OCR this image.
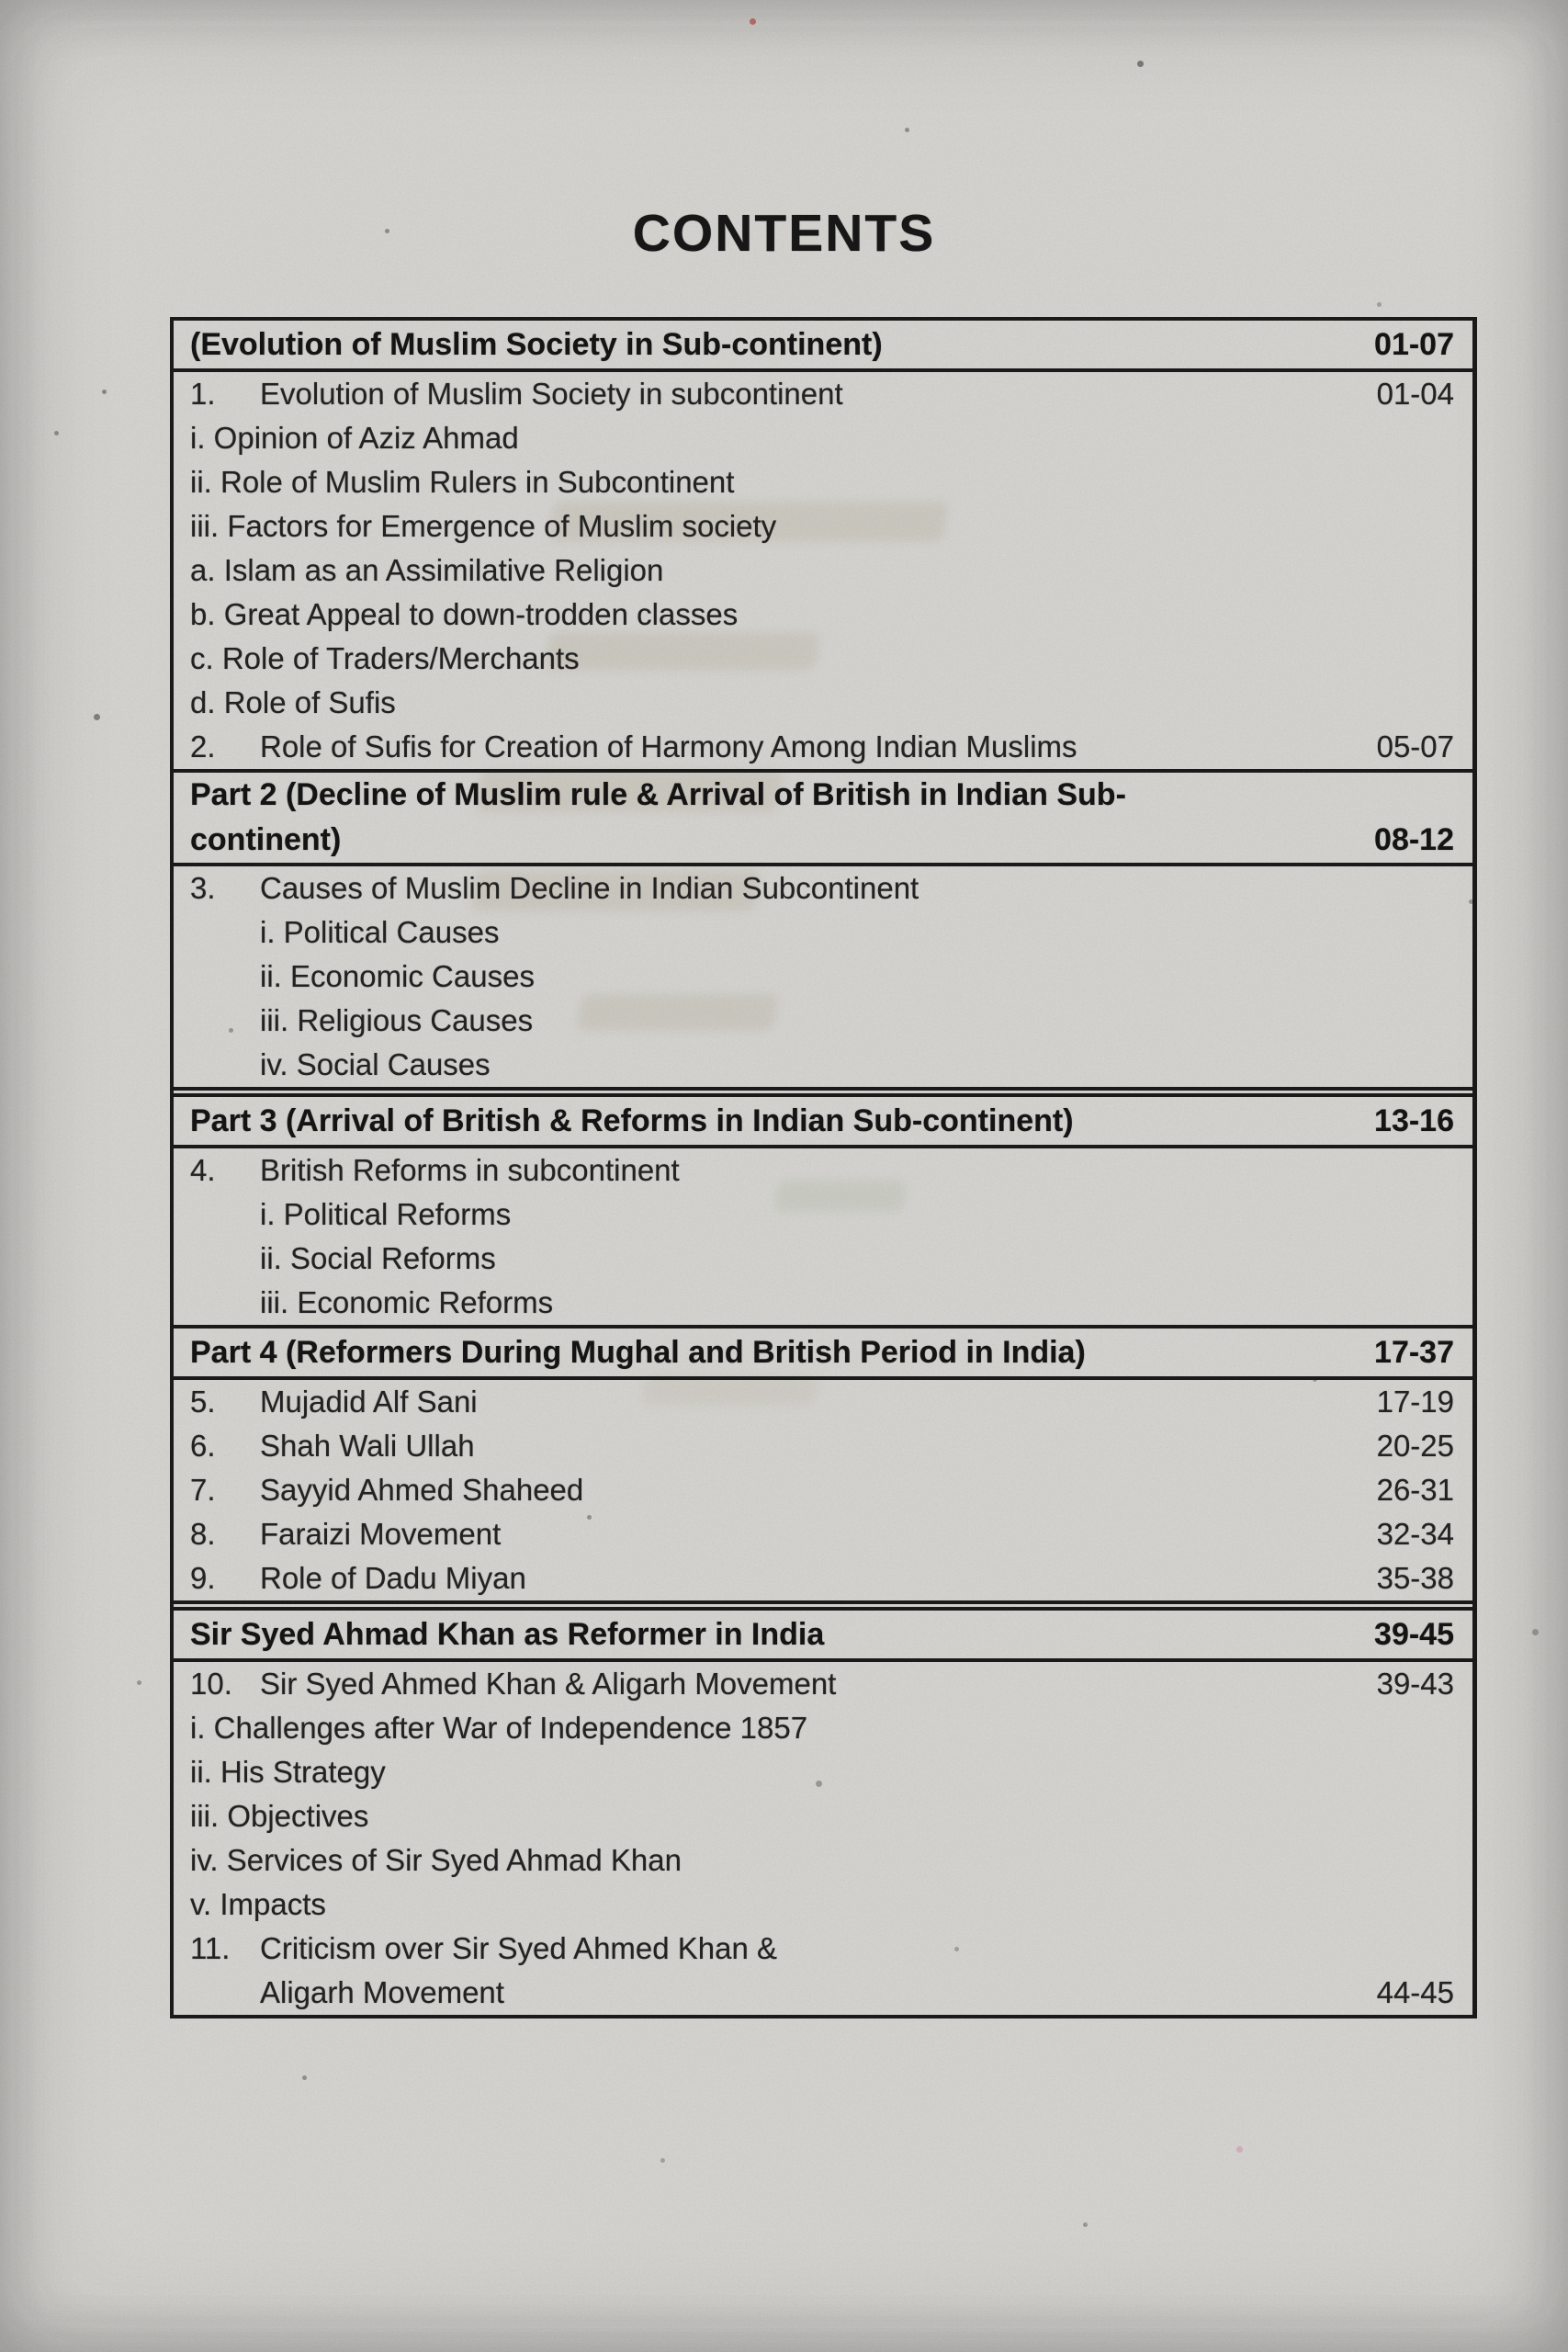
CONTENTS
(Evolution of Muslim Society in Sub-continent)	01-07
1.	Evolution of Muslim Society in subcontinent	01-04
i. Opinion of Aziz Ahmad
ii. Role of Muslim Rulers in Subcontinent
iii. Factors for Emergence of Muslim society
a. Islam as an Assimilative Religion
b. Great Appeal to down-trodden classes
c. Role of Traders/Merchants
d. Role of Sufis
2.	Role of Sufis for Creation of Harmony Among Indian Muslims	05-07
Part 2 (Decline of Muslim rule & Arrival of British in Indian Sub-
continent)	08-12
3.	Causes of Muslim Decline in Indian Subcontinent
i. Political Causes
ii. Economic Causes
iii. Religious Causes
iv. Social Causes
Part 3 (Arrival of British & Reforms in Indian Sub-continent)	13-16
4.	British Reforms in subcontinent
i. Political Reforms
ii. Social Reforms
iii. Economic Reforms
Part 4 (Reformers During Mughal and British Period in India)	17-37
5.	Mujadid Alf Sani	17-19
6.	Shah Wali Ullah	20-25
7.	Sayyid Ahmed Shaheed	26-31
8.	Faraizi Movement	32-34
9.	Role of Dadu Miyan	35-38
Sir Syed Ahmad Khan as Reformer in India	39-45
10. Sir Syed Ahmed Khan & Aligarh Movement	39-43
i. Challenges after War of Independence 1857
ii. His Strategy
iii. Objectives
iv. Services of Sir Syed Ahmad Khan
v. Impacts
11. Criticism over Sir Syed Ahmed Khan &
Aligarh Movement	44-45
